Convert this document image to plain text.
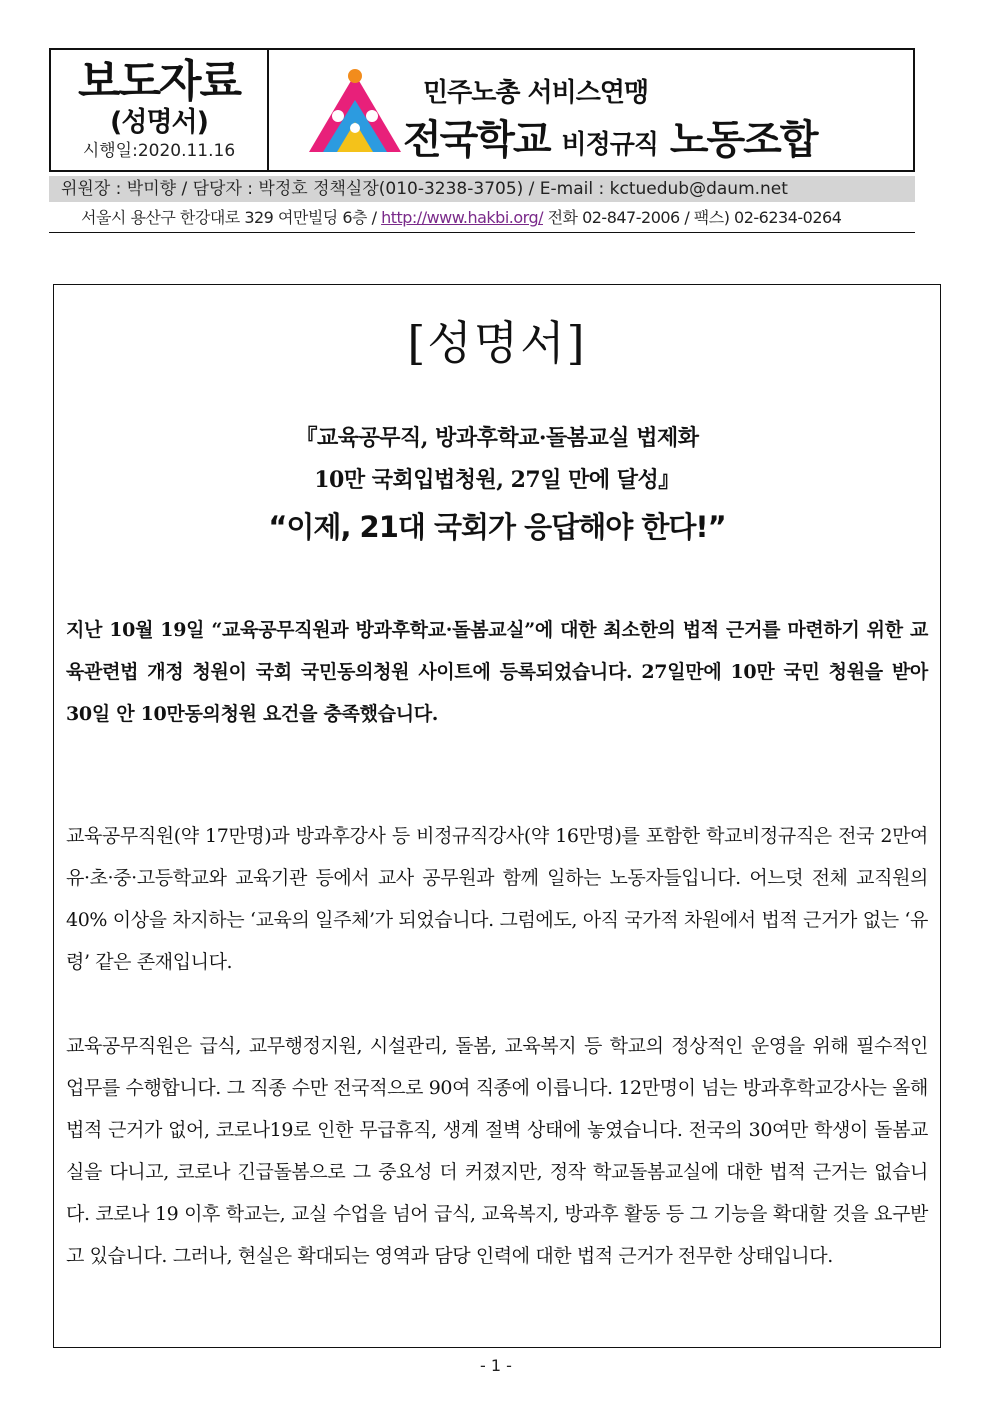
보도자료
(성명서)
시행일:2020.11.16
민주노총 서비스연맹
전국학교 비정규직 노동조합
위원장 : 박미향 / 담당자 : 박정호 정책실장(010-3238-3705) / E-mail : kctuedub@daum.net
서울시 용산구 한강대로 329 여만빌딩 6층 / http://www.hakbi.org/ 전화 02-847-2006 / 팩스) 02-6234-0264
[성명서]
『교육공무직, 방과후학교·돌봄교실 법제화
10만 국회입법청원, 27일 만에 달성』
“이제, 21대 국회가 응답해야 한다!”
지난 10월 19일 “교육공무직원과 방과후학교·돌봄교실”에 대한 최소한의 법적 근거를 마련하기 위한 교육관련법 개정 청원이 국회 국민동의청원 사이트에 등록되었습니다. 27일만에 10만 국민 청원을 받아 30일 안 10만동의청원 요건을 충족했습니다.
교육공무직원(약 17만명)과 방과후강사 등 비정규직강사(약 16만명)를 포함한 학교비정규직은 전국 2만여 유·초·중·고등학교와 교육기관 등에서 교사 공무원과 함께 일하는 노동자들입니다. 어느덧 전체 교직원의 40% 이상을 차지하는 ‘교육의 일주체’가 되었습니다. 그럼에도, 아직 국가적 차원에서 법적 근거가 없는 ‘유령’ 같은 존재입니다.
교육공무직원은 급식, 교무행정지원, 시설관리, 돌봄, 교육복지 등 학교의 정상적인 운영을 위해 필수적인 업무를 수행합니다. 그 직종 수만 전국적으로 90여 직종에 이릅니다. 12만명이 넘는 방과후학교강사는 올해 법적 근거가 없어, 코로나19로 인한 무급휴직, 생계 절벽 상태에 놓였습니다. 전국의 30여만 학생이 돌봄교실을 다니고, 코로나 긴급돌봄으로 그 중요성 더 커졌지만, 정작 학교돌봄교실에 대한 법적 근거는 없습니다. 코로나 19 이후 학교는, 교실 수업을 넘어 급식, 교육복지, 방과후 활동 등 그 기능을 확대할 것을 요구받고 있습니다. 그러나, 현실은 확대되는 영역과 담당 인력에 대한 법적 근거가 전무한 상태입니다.
- 1 -
